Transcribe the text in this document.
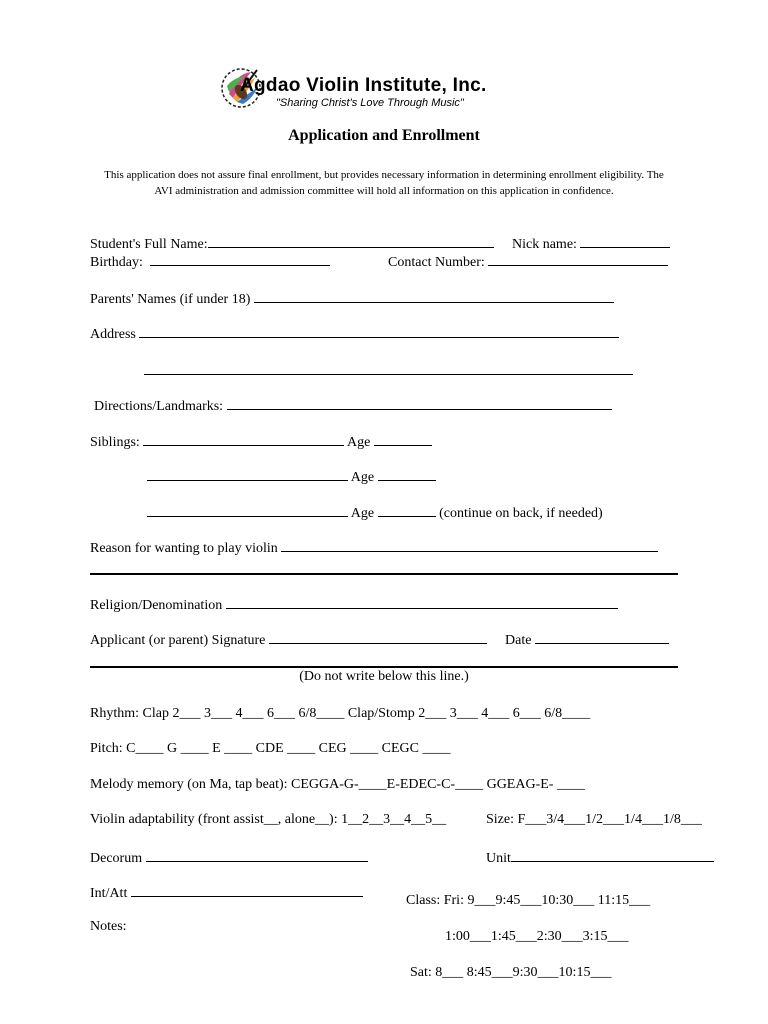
Agdao Violin Institute, Inc.
"Sharing Christ's Love Through Music"
Application and Enrollment
This application does not assure final enrollment, but provides necessary information in determining enrollment eligibility. The AVI administration and admission committee will hold all information on this application in confidence.
Student's Full Name:	Nick name:
Birthday:	Contact Number:
Parents' Names (if under 18)
Address
Directions/Landmarks:
Siblings:	Age
Age
Age	(continue on back, if needed)
Reason for wanting to play violin
Religion/Denomination
Applicant (or parent) Signature	Date
(Do not write below this line.)
Rhythm: Clap 2___ 3___ 4___ 6___ 6/8____ Clap/Stomp 2___ 3___ 4___ 6___ 6/8____
Pitch: C____ G ____ E ____ CDE ____ CEG ____ CEGC ____
Melody memory (on Ma, tap beat): CEGGA-G-____E-EDEC-C-____ GGEAG-E- ____
Violin adaptability (front assist__, alone__): 1__2__3__4__5__	Size: F___3/4___1/2___1/4___1/8___
Decorum	Unit
Int/Att	Class: Fri: 9___9:45___10:30___ 11:15___
Notes:
1:00___1:45___2:30___3:15___
Sat: 8___ 8:45___9:30___10:15___
